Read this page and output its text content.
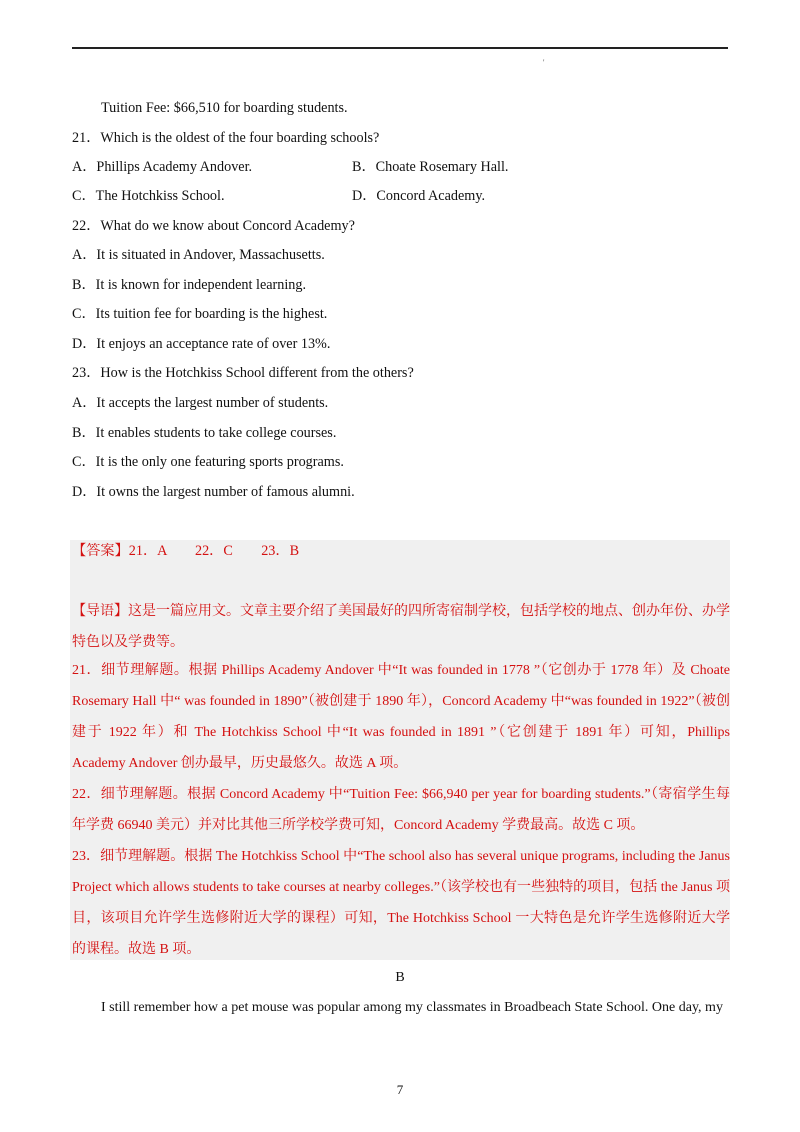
'
Tuition Fee: $66,510 for boarding students.
21．Which is the oldest of the four boarding schools?
A．Phillips Academy Andover.	B．Choate Rosemary Hall.
C．The Hotchkiss School.	D．Concord Academy.
22．What do we know about Concord Academy?
A．It is situated in Andover, Massachusetts.
B．It is known for independent learning.
C．Its tuition fee for boarding is the highest.
D．It enjoys an acceptance rate of over 13%.
23．How is the Hotchkiss School different from the others?
A．It accepts the largest number of students.
B．It enables students to take college courses.
C．It is the only one featuring sports programs.
D．It owns the largest number of famous alumni.
【答案】21．A　　22．C　　23．B
【导语】这是一篇应用文。文章主要介绍了美国最好的四所寄宿制学校，包括学校的地点、创办年份、办学特色以及学费等。
21．细节理解题。根据 Phillips Academy Andover 中“It was founded in 1778 ”（它创办于 1778 年）及 Choate Rosemary Hall 中“ was founded in 1890”（被创建于 1890 年），Concord Academy 中“was founded in 1922”（被创建于 1922 年）和 The Hotchkiss School 中“It was founded in 1891 ”（它创建于 1891 年）可知，Phillips Academy Andover 创办最早，历史最悠久。故选 A 项。
22．细节理解题。根据 Concord Academy 中“Tuition Fee: $66,940 per year for boarding students.”（寄宿学生每年学费 66940 美元）并对比其他三所学校学费可知，Concord Academy 学费最高。故选 C 项。
23．细节理解题。根据 The Hotchkiss School 中“The school also has several unique programs, including the Janus Project which allows students to take courses at nearby colleges.”（该学校也有一些独特的项目，包括 the Janus 项目，该项目允许学生选修附近大学的课程）可知，The Hotchkiss School 一大特色是允许学生选修附近大学的课程。故选 B 项。
B
I still remember how a pet mouse was popular among my classmates in Broadbeach State School. One day, my
7
